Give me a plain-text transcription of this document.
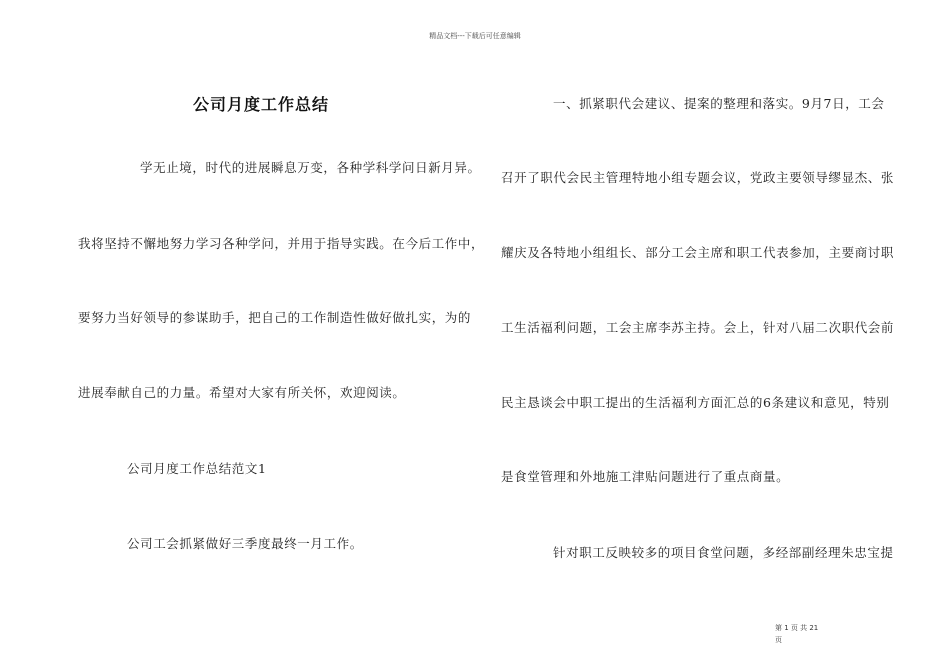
精品文档---下载后可任意编辑
公司月度工作总结
学无止境，时代的进展瞬息万变，各种学科学问日新月异。
我将坚持不懈地努力学习各种学问，并用于指导实践。在今后工作中，
要努力当好领导的参谋助手，把自己的工作制造性做好做扎实，为的
进展奉献自己的力量。希望对大家有所关怀，欢迎阅读。
公司月度工作总结范文1
公司工会抓紧做好三季度最终一月工作。
一、抓紧职代会建议、提案的整理和落实。9月7日，工会
召开了职代会民主管理特地小组专题会议，党政主要领导缪显杰、张
耀庆及各特地小组组长、部分工会主席和职工代表参加，主要商讨职
工生活福利问题，工会主席李苏主持。会上，针对八届二次职代会前
民主恳谈会中职工提出的生活福利方面汇总的6条建议和意见，特别
是食堂管理和外地施工津贴问题进行了重点商量。
针对职工反映较多的项目食堂问题，多经部副经理朱忠宝提
第 1 页 共 21
页
